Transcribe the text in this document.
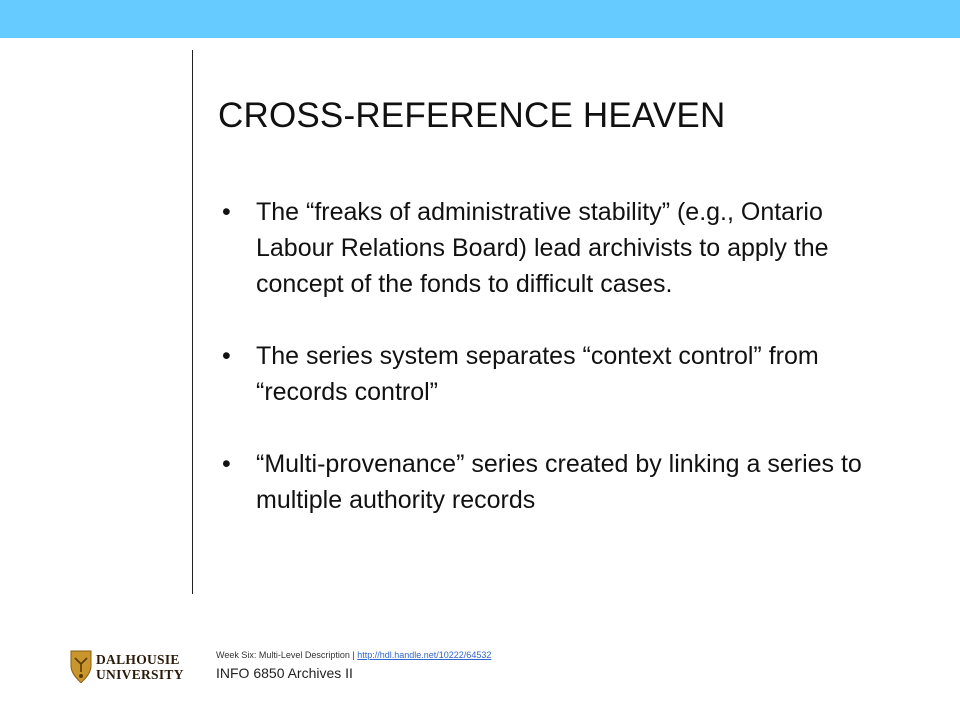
CROSS-REFERENCE HEAVEN
• The “freaks of administrative stability” (e.g., Ontario Labour Relations Board) lead archivists to apply the concept of the fonds to difficult cases.
• The series system separates “context control” from “records control”
• “Multi-provenance” series created by linking a series to multiple authority records
DALHOUSIE
UNIVERSITY
Week Six: Multi-Level Description | http://hdl.handle.net/10222/64532
INFO 6850 Archives II
